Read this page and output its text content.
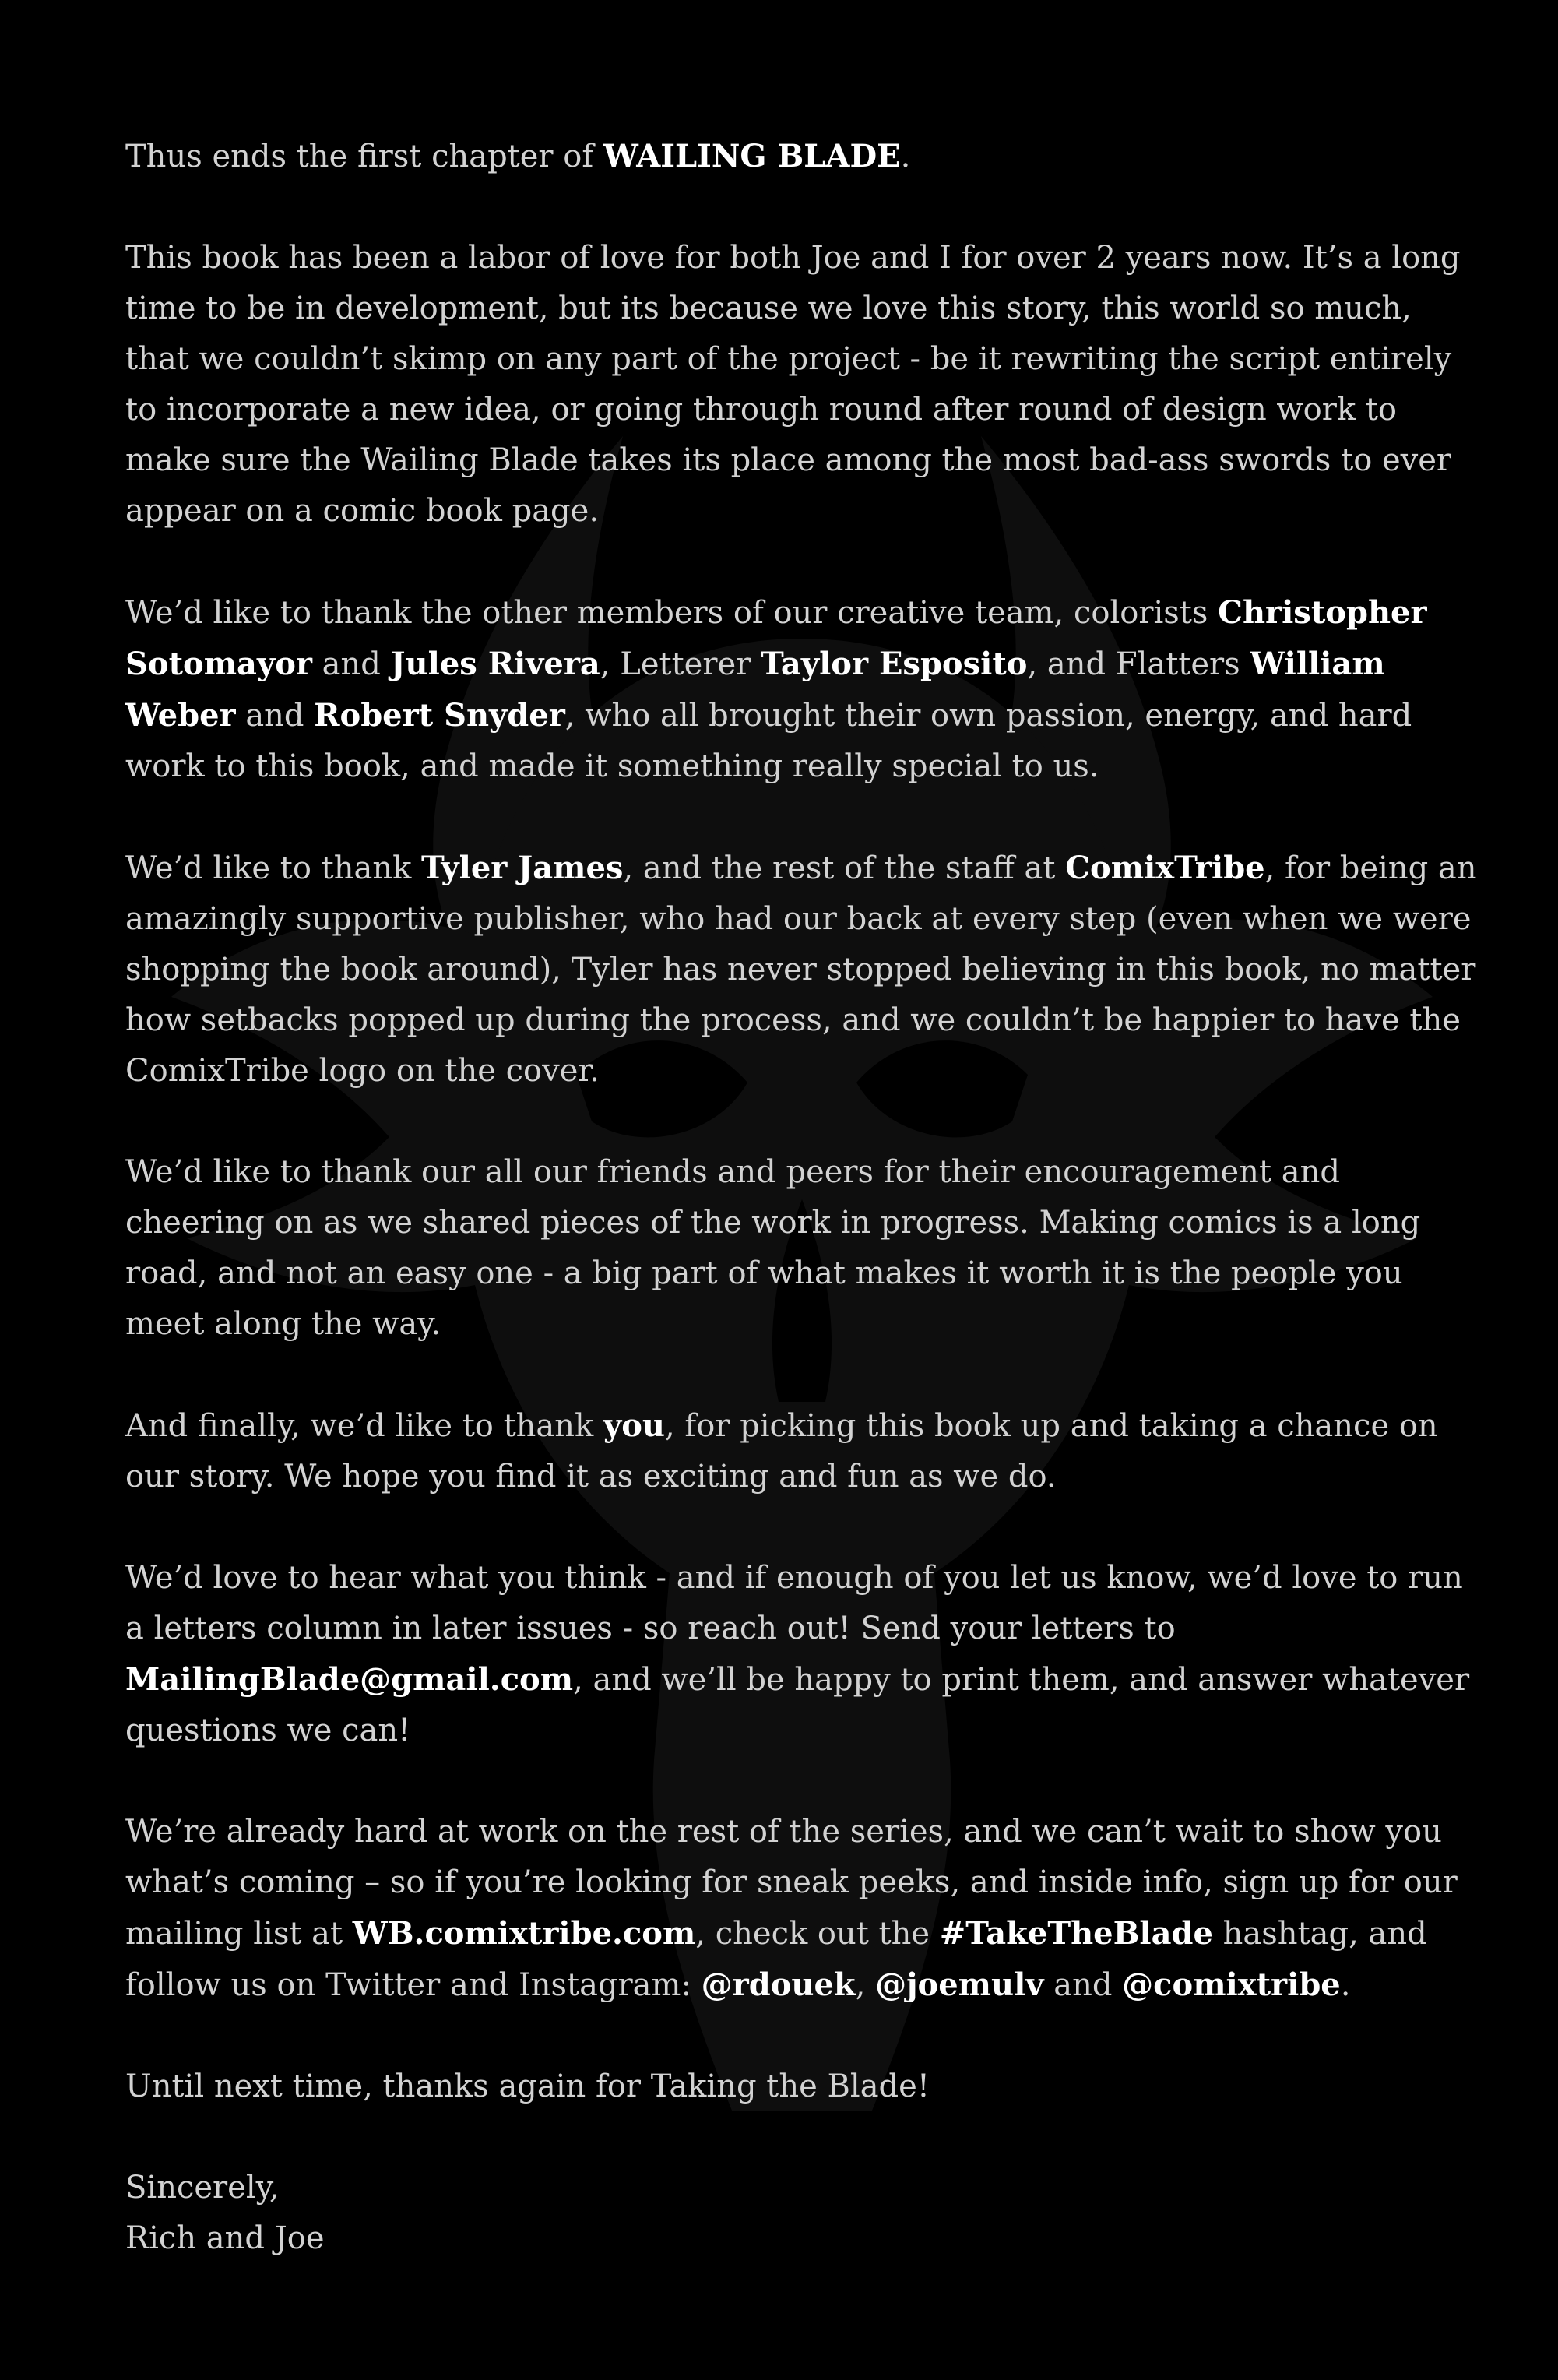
Thus ends the first chapter of WAILING BLADE.

This book has been a labor of love for both Joe and I for over 2 years now. It’s a long time to be in development, but its because we love this story, this world so much, that we couldn’t skimp on any part of the project - be it rewriting the script entirely to incorporate a new idea, or going through round after round of design work to make sure the Wailing Blade takes its place among the most bad-ass swords to ever appear on a comic book page.

We’d like to thank the other members of our creative team, colorists Christopher Sotomayor and Jules Rivera, Letterer Taylor Esposito, and Flatters William Weber and Robert Snyder, who all brought their own passion, energy, and hard work to this book, and made it something really special to us.

We’d like to thank Tyler James, and the rest of the staff at ComixTribe, for being an amazingly supportive publisher, who had our back at every step (even when we were shopping the book around), Tyler has never stopped believing in this book, no matter how setbacks popped up during the process, and we couldn’t be happier to have the ComixTribe logo on the cover.

We’d like to thank our all our friends and peers for their encouragement and cheering on as we shared pieces of the work in progress. Making comics is a long road, and not an easy one - a big part of what makes it worth it is the people you meet along the way.

And finally, we’d like to thank you, for picking this book up and taking a chance on our story. We hope you find it as exciting and fun as we do.

We’d love to hear what you think - and if enough of you let us know, we’d love to run a letters column in later issues - so reach out! Send your letters to MailingBlade@gmail.com, and we’ll be happy to print them, and answer whatever questions we can!

We’re already hard at work on the rest of the series, and we can’t wait to show you what’s coming – so if you’re looking for sneak peeks, and inside info, sign up for our mailing list at WB.comixtribe.com, check out the #TakeTheBlade hashtag, and follow us on Twitter and Instagram: @rdouek, @joemulv and @comixtribe.

Until next time, thanks again for Taking the Blade!

Sincerely,
Rich and Joe
